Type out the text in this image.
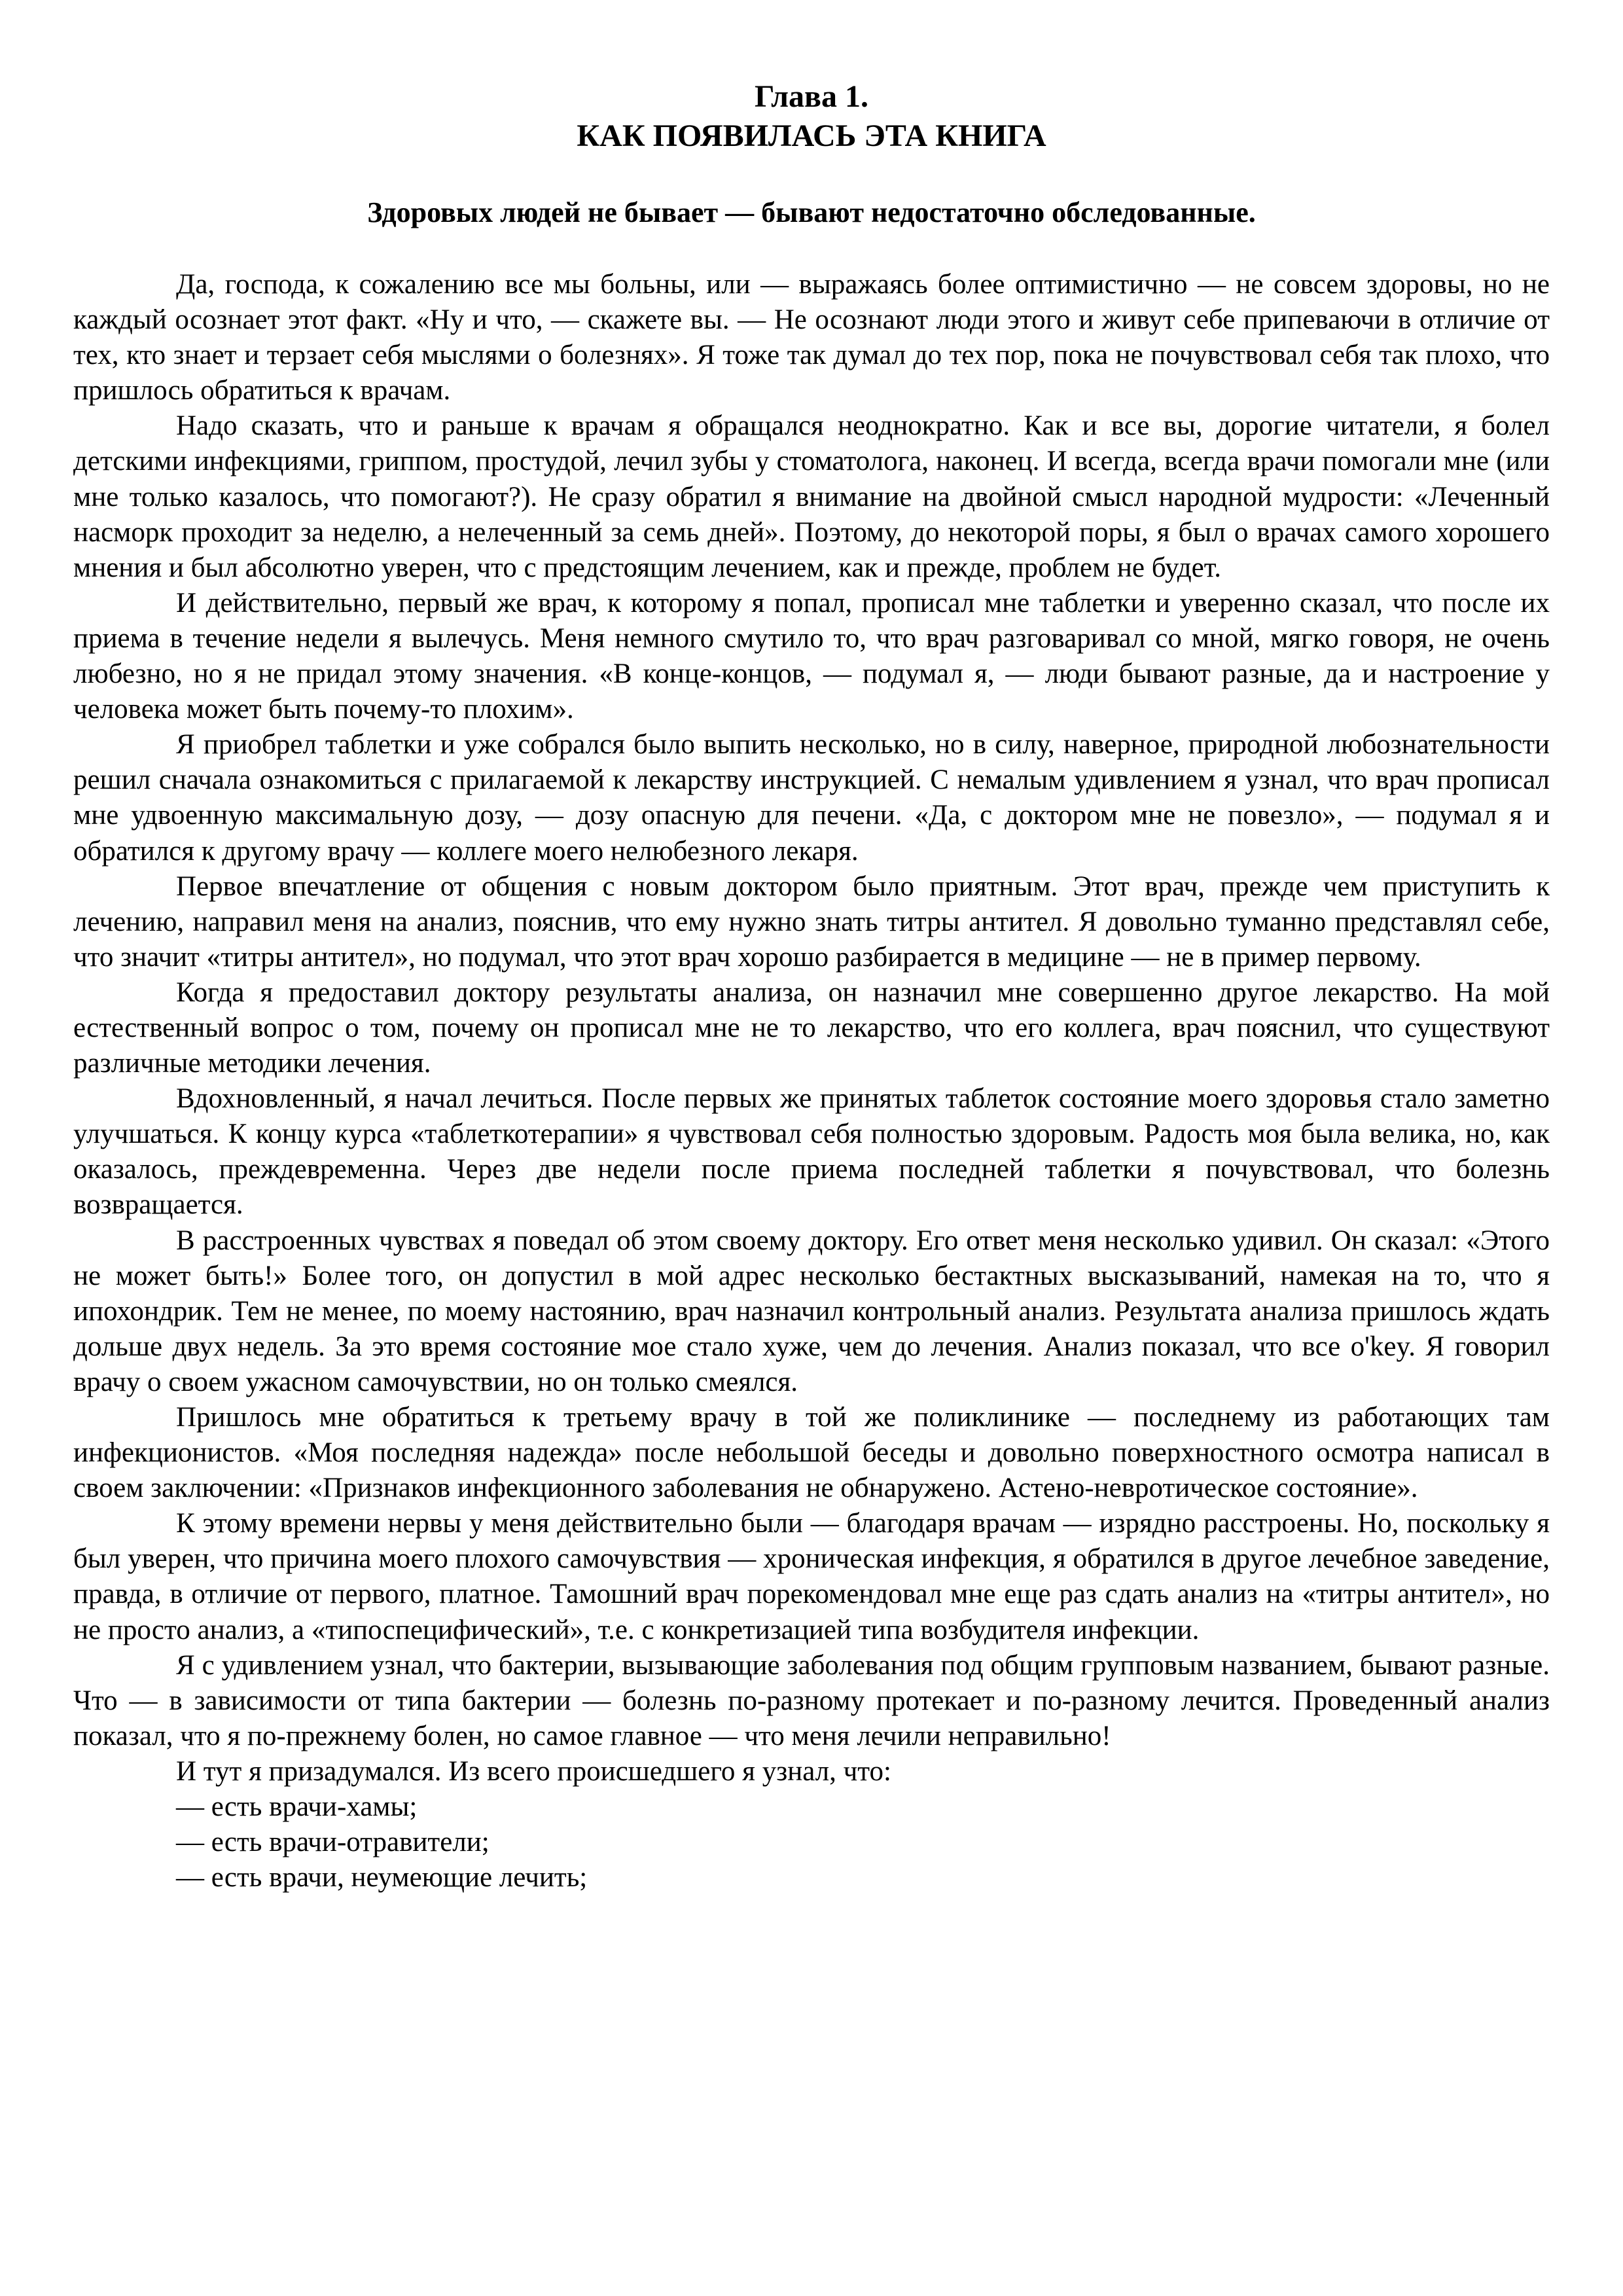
Глава 1.
КАК ПОЯВИЛАСЬ ЭТА КНИГА
Здоровых людей не бывает — бывают недостаточно обследованные.

Да, господа, к сожалению все мы больны, или — выражаясь более оптимистично — не совсем здоровы, но не каждый осознает этот факт. «Ну и что, — скажете вы. — Не осознают люди этого и живут себе припеваючи в отличие от тех, кто знает и терзает себя мыслями о болезнях». Я тоже так думал до тех пор, пока не почувствовал себя так плохо, что пришлось обратиться к врачам.

Надо сказать, что и раньше к врачам я обращался неоднократно. Как и все вы, дорогие читатели, я болел детскими инфекциями, гриппом, простудой, лечил зубы у стоматолога, наконец. И всегда, всегда врачи помогали мне (или мне только казалось, что помогают?). Не сразу обратил я внимание на двойной смысл народной мудрости: «Леченный насморк проходит за неделю, а нелеченный за семь дней». Поэтому, до некоторой поры, я был о врачах самого хорошего мнения и был абсолютно уверен, что с предстоящим лечением, как и прежде, проблем не будет.

И действительно, первый же врач, к которому я попал, прописал мне таблетки и уверенно сказал, что после их приема в течение недели я вылечусь. Меня немного смутило то, что врач разговаривал со мной, мягко говоря, не очень любезно, но я не придал этому значения. «В конце-концов, — подумал я, — люди бывают разные, да и настроение у человека может быть почему-то плохим».

Я приобрел таблетки и уже собрался было выпить несколько, но в силу, наверное, природной любознательности решил сначала ознакомиться с прилагаемой к лекарству инструкцией. С немалым удивлением я узнал, что врач прописал мне удвоенную максимальную дозу, — дозу опасную для печени. «Да, с доктором мне не повезло», — подумал я и обратился к другому врачу — коллеге моего нелюбезного лекаря.

Первое впечатление от общения с новым доктором было приятным. Этот врач, прежде чем приступить к лечению, направил меня на анализ, пояснив, что ему нужно знать титры антител. Я довольно туманно представлял себе, что значит «титры антител», но подумал, что этот врач хорошо разбирается в медицине — не в пример первому.

Когда я предоставил доктору результаты анализа, он назначил мне совершенно другое лекарство. На мой естественный вопрос о том, почему он прописал мне не то лекарство, что его коллега, врач пояснил, что существуют различные методики лечения.

Вдохновленный, я начал лечиться. После первых же принятых таблеток состояние моего здоровья стало заметно улучшаться. К концу курса «таблеткотерапии» я чувствовал себя полностью здоровым. Радость моя была велика, но, как оказалось, преждевременна. Через две недели после приема последней таблетки я почувствовал, что болезнь возвращается.

В расстроенных чувствах я поведал об этом своему доктору. Его ответ меня несколько удивил. Он сказал: «Этого не может быть!» Более того, он допустил в мой адрес несколько бестактных высказываний, намекая на то, что я ипохондрик. Тем не менее, по моему настоянию, врач назначил контрольный анализ. Результата анализа пришлось ждать дольше двух недель. За это время состояние мое стало хуже, чем до лечения. Анализ показал, что все o'key. Я говорил врачу о своем ужасном самочувствии, но он только смеялся.

Пришлось мне обратиться к третьему врачу в той же поликлинике — последнему из работающих там инфекционистов. «Моя последняя надежда» после небольшой беседы и довольно поверхностного осмотра написал в своем заключении: «Признаков инфекционного заболевания не обнаружено. Астено-невротическое состояние».

К этому времени нервы у меня действительно были — благодаря врачам — изрядно расстроены. Но, поскольку я был уверен, что причина моего плохого самочувствия — хроническая инфекция, я обратился в другое лечебное заведение, правда, в отличие от первого, платное. Тамошний врач порекомендовал мне еще раз сдать анализ на «титры антител», но не просто анализ, а «типоспецифический», т.е. с конкретизацией типа возбудителя инфекции.

Я с удивлением узнал, что бактерии, вызывающие заболевания под общим групповым названием, бывают разные. Что — в зависимости от типа бактерии — болезнь по-разному протекает и по-разному лечится. Проведенный анализ показал, что я по-прежнему болен, но самое главное — что меня лечили неправильно!

И тут я призадумался. Из всего происшедшего я узнал, что:

— есть врачи-хамы;

— есть врачи-отравители;

— есть врачи, неумеющие лечить;
